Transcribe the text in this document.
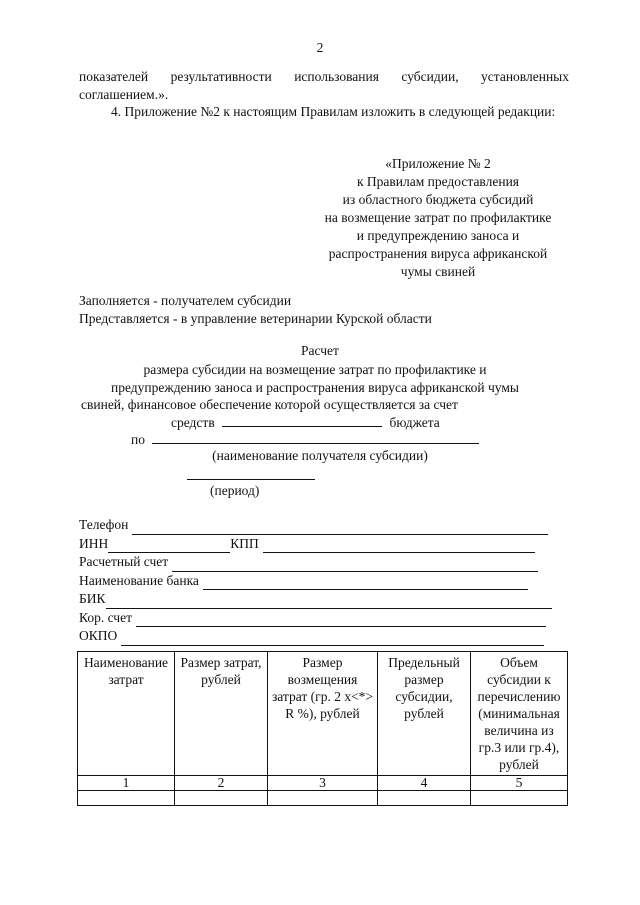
2
показателей результативности использования субсидии, установленных соглашением.».
4. Приложение №2 к настоящим Правилам изложить в следующей редакции:
«Приложение № 2
к Правилам предоставления
из областного бюджета субсидий
на возмещение затрат по профилактике
и предупреждению заноса и
распространения вируса африканской
чумы свиней
Заполняется - получателем субсидии
Представляется - в управление ветеринарии Курской области
Расчет
размера субсидии на возмещение затрат по профилактике и
предупреждению заноса и распространения вируса африканской чумы
свиней, финансовое обеспечение которой осуществляется за счет
средств	бюджета
по
(наименование получателя субсидии)
(период)
Телефон
ИНН	КПП
Расчетный счет
Наименование банка
БИК
Кор. счет
ОКПО
Наименование затрат	Размер затрат, рублей	Размер возмещения затрат (гр. 2 х<*> R %), рублей	Предельный размер субсидии, рублей	Объем субсидии к перечислению (минимальная величина из гр.3 или гр.4), рублей
1	2	3	4	5
